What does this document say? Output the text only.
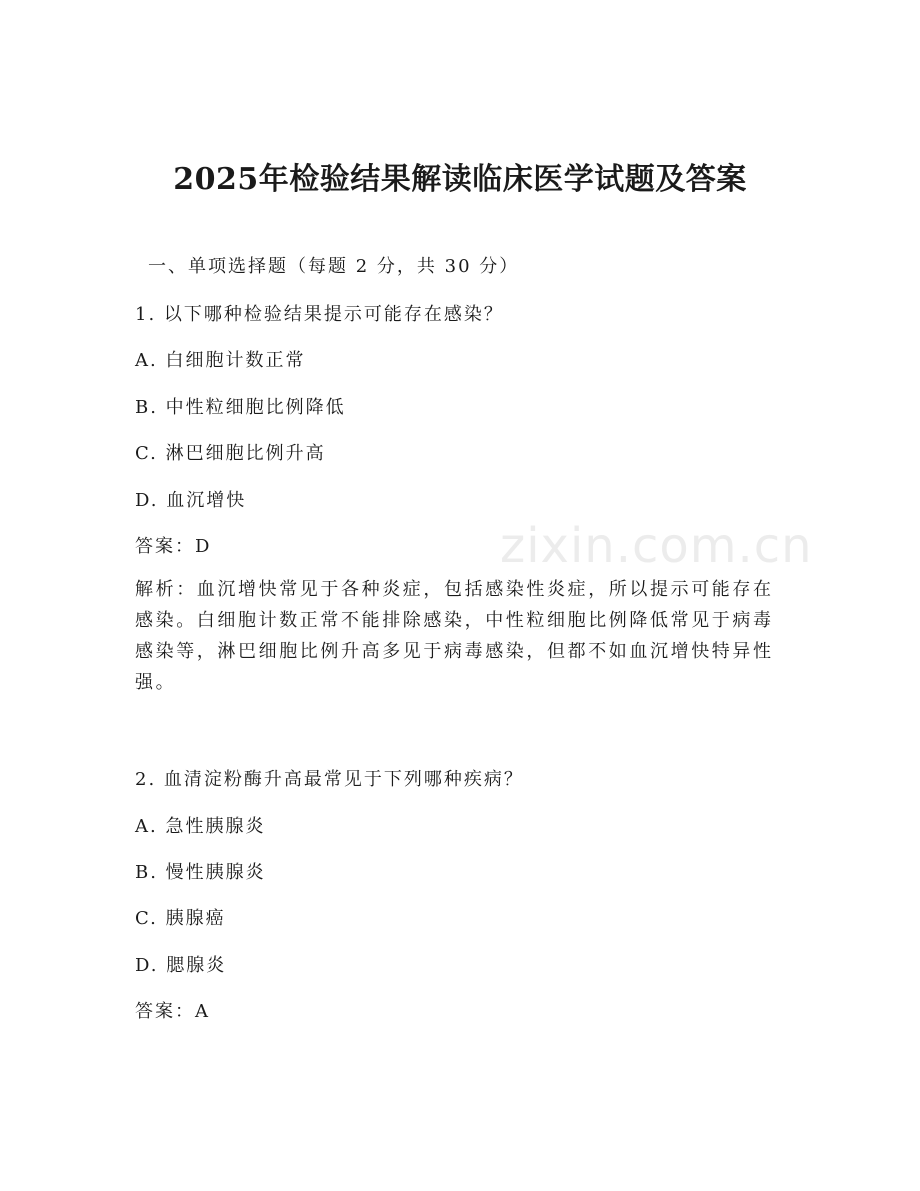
2025年检验结果解读临床医学试题及答案
一、单项选择题（每题 2 分，共 30 分）
1. 以下哪种检验结果提示可能存在感染？
A. 白细胞计数正常
B. 中性粒细胞比例降低
C. 淋巴细胞比例升高
D. 血沉增快
答案：D
解析：血沉增快常见于各种炎症，包括感染性炎症，所以提示可能存在感染。白细胞计数正常不能排除感染，中性粒细胞比例降低常见于病毒感染等，淋巴细胞比例升高多见于病毒感染，但都不如血沉增快特异性强。
2. 血清淀粉酶升高最常见于下列哪种疾病？
A. 急性胰腺炎
B. 慢性胰腺炎
C. 胰腺癌
D. 腮腺炎
答案：A
zixin.com.cn
